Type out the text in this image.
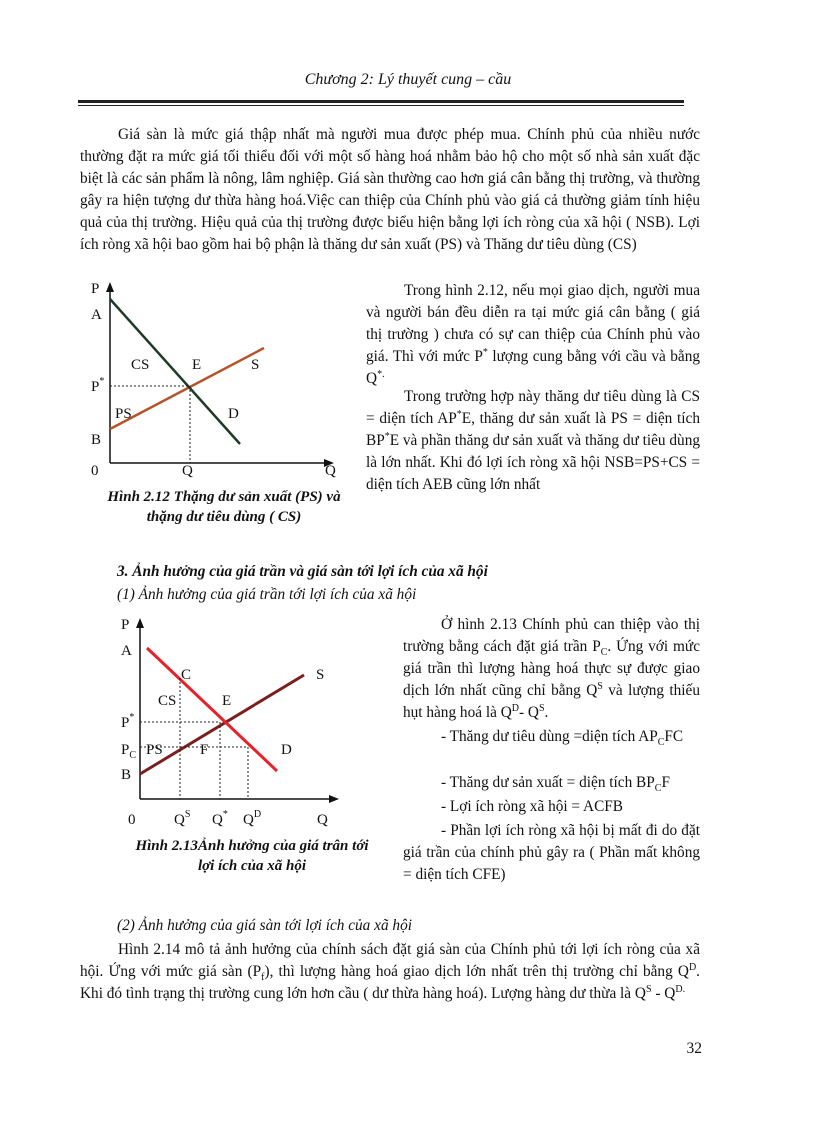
Chương 2: Lý thuyết cung – cầu

Giá sàn là mức giá thập nhất mà người mua được phép mua. Chính phủ của nhiều nước thường đặt ra mức giá tối thiểu đối với một số hàng hoá nhằm bảo hộ cho một số nhà sản xuất đặc biệt là các sản phẩm là nông, lâm nghiệp. Giá sàn thường cao hơn giá cân bằng thị trường, và thường gây ra hiện tượng dư thừa hàng hoá.Việc can thiệp của Chính phủ vào giá cả thường giảm tính hiệu quả của thị trường. Hiệu quả của thị trường được biểu hiện bằng lợi ích ròng của xã hội ( NSB). Lợi ích ròng xã hội bao gồm hai bộ phận là thăng dư sản xuất (PS) và Thăng dư tiêu dùng (CS)

P
A
CS	E	S
P*
PS	D
B
0	Q	Q
Hình 2.12 Thặng dư sản xuất (PS) và
thặng dư tiêu dùng ( CS)

Trong hình 2.12, nếu mọi giao dịch, người mua và người bán đều diễn ra tại mức giá cân bằng ( giá thị trường ) chưa có sự can thiệp của Chính phủ vào giá. Thì với mức P* lượng cung bằng với cầu và bằng Q*.

Trong trường hợp này thăng dư tiêu dùng là CS = diện tích AP*E, thăng dư sản xuất là PS = diện tích BP*E và phần thăng dư sản xuất và thăng dư tiêu dùng là lớn nhất. Khi đó lợi ích ròng xã hội NSB=PS+CS = diện tích AEB cũng lớn nhất

3. Ảnh hưởng của giá trần và giá sàn tới lợi ích của xã hội
(1) Ảnh hưởng của giá trần tới lợi ích của xã hội
P
A
C	S
CS	E
P*
$P_C$ PS F	D
B
0	$Q^S$ Q* $Q^D$	Q
Hình 2.13Ảnh hưởng của giá trân tới
lợi ích của xã hội

Ở hình 2.13 Chính phủ can thiệp vào thị trường bằng cách đặt giá trần $P_C$. Ứng với mức giá trần thì lượng hàng hoá thực sự được giao dịch lớn nhất cũng chỉ bằng $Q^S$ và lượng thiếu hụt hàng hoá là $Q^D-$ $Q^S$.

- Thăng dư tiêu dùng =diện tích $AP_CFC$

- Thăng dư sản xuất = diện tích $BP_CF$

- Lợi ích ròng xã hội = ACFB

- Phần lợi ích ròng xã hội bị mất đi do đặt giá trần của chính phủ gây ra ( Phần mất không = diện tích CFE)

(2) Ảnh hưởng của giá sàn tới lợi ích của xã hội

Hình 2.14 mô tả ảnh hưởng của chính sách đặt giá sàn của Chính phủ tới lợi ích ròng của xã hội. Ứng với mức giá sàn $(P_f)$, thì lượng hàng hoá giao dịch lớn nhất trên thị trường chỉ bằng $Q^D$. Khi đó tình trạng thị trường cung lớn hơn cầu ( dư thừa hàng hoá). Lượng hàng dư thừa là $Q^S - Q^{D.}$

32
